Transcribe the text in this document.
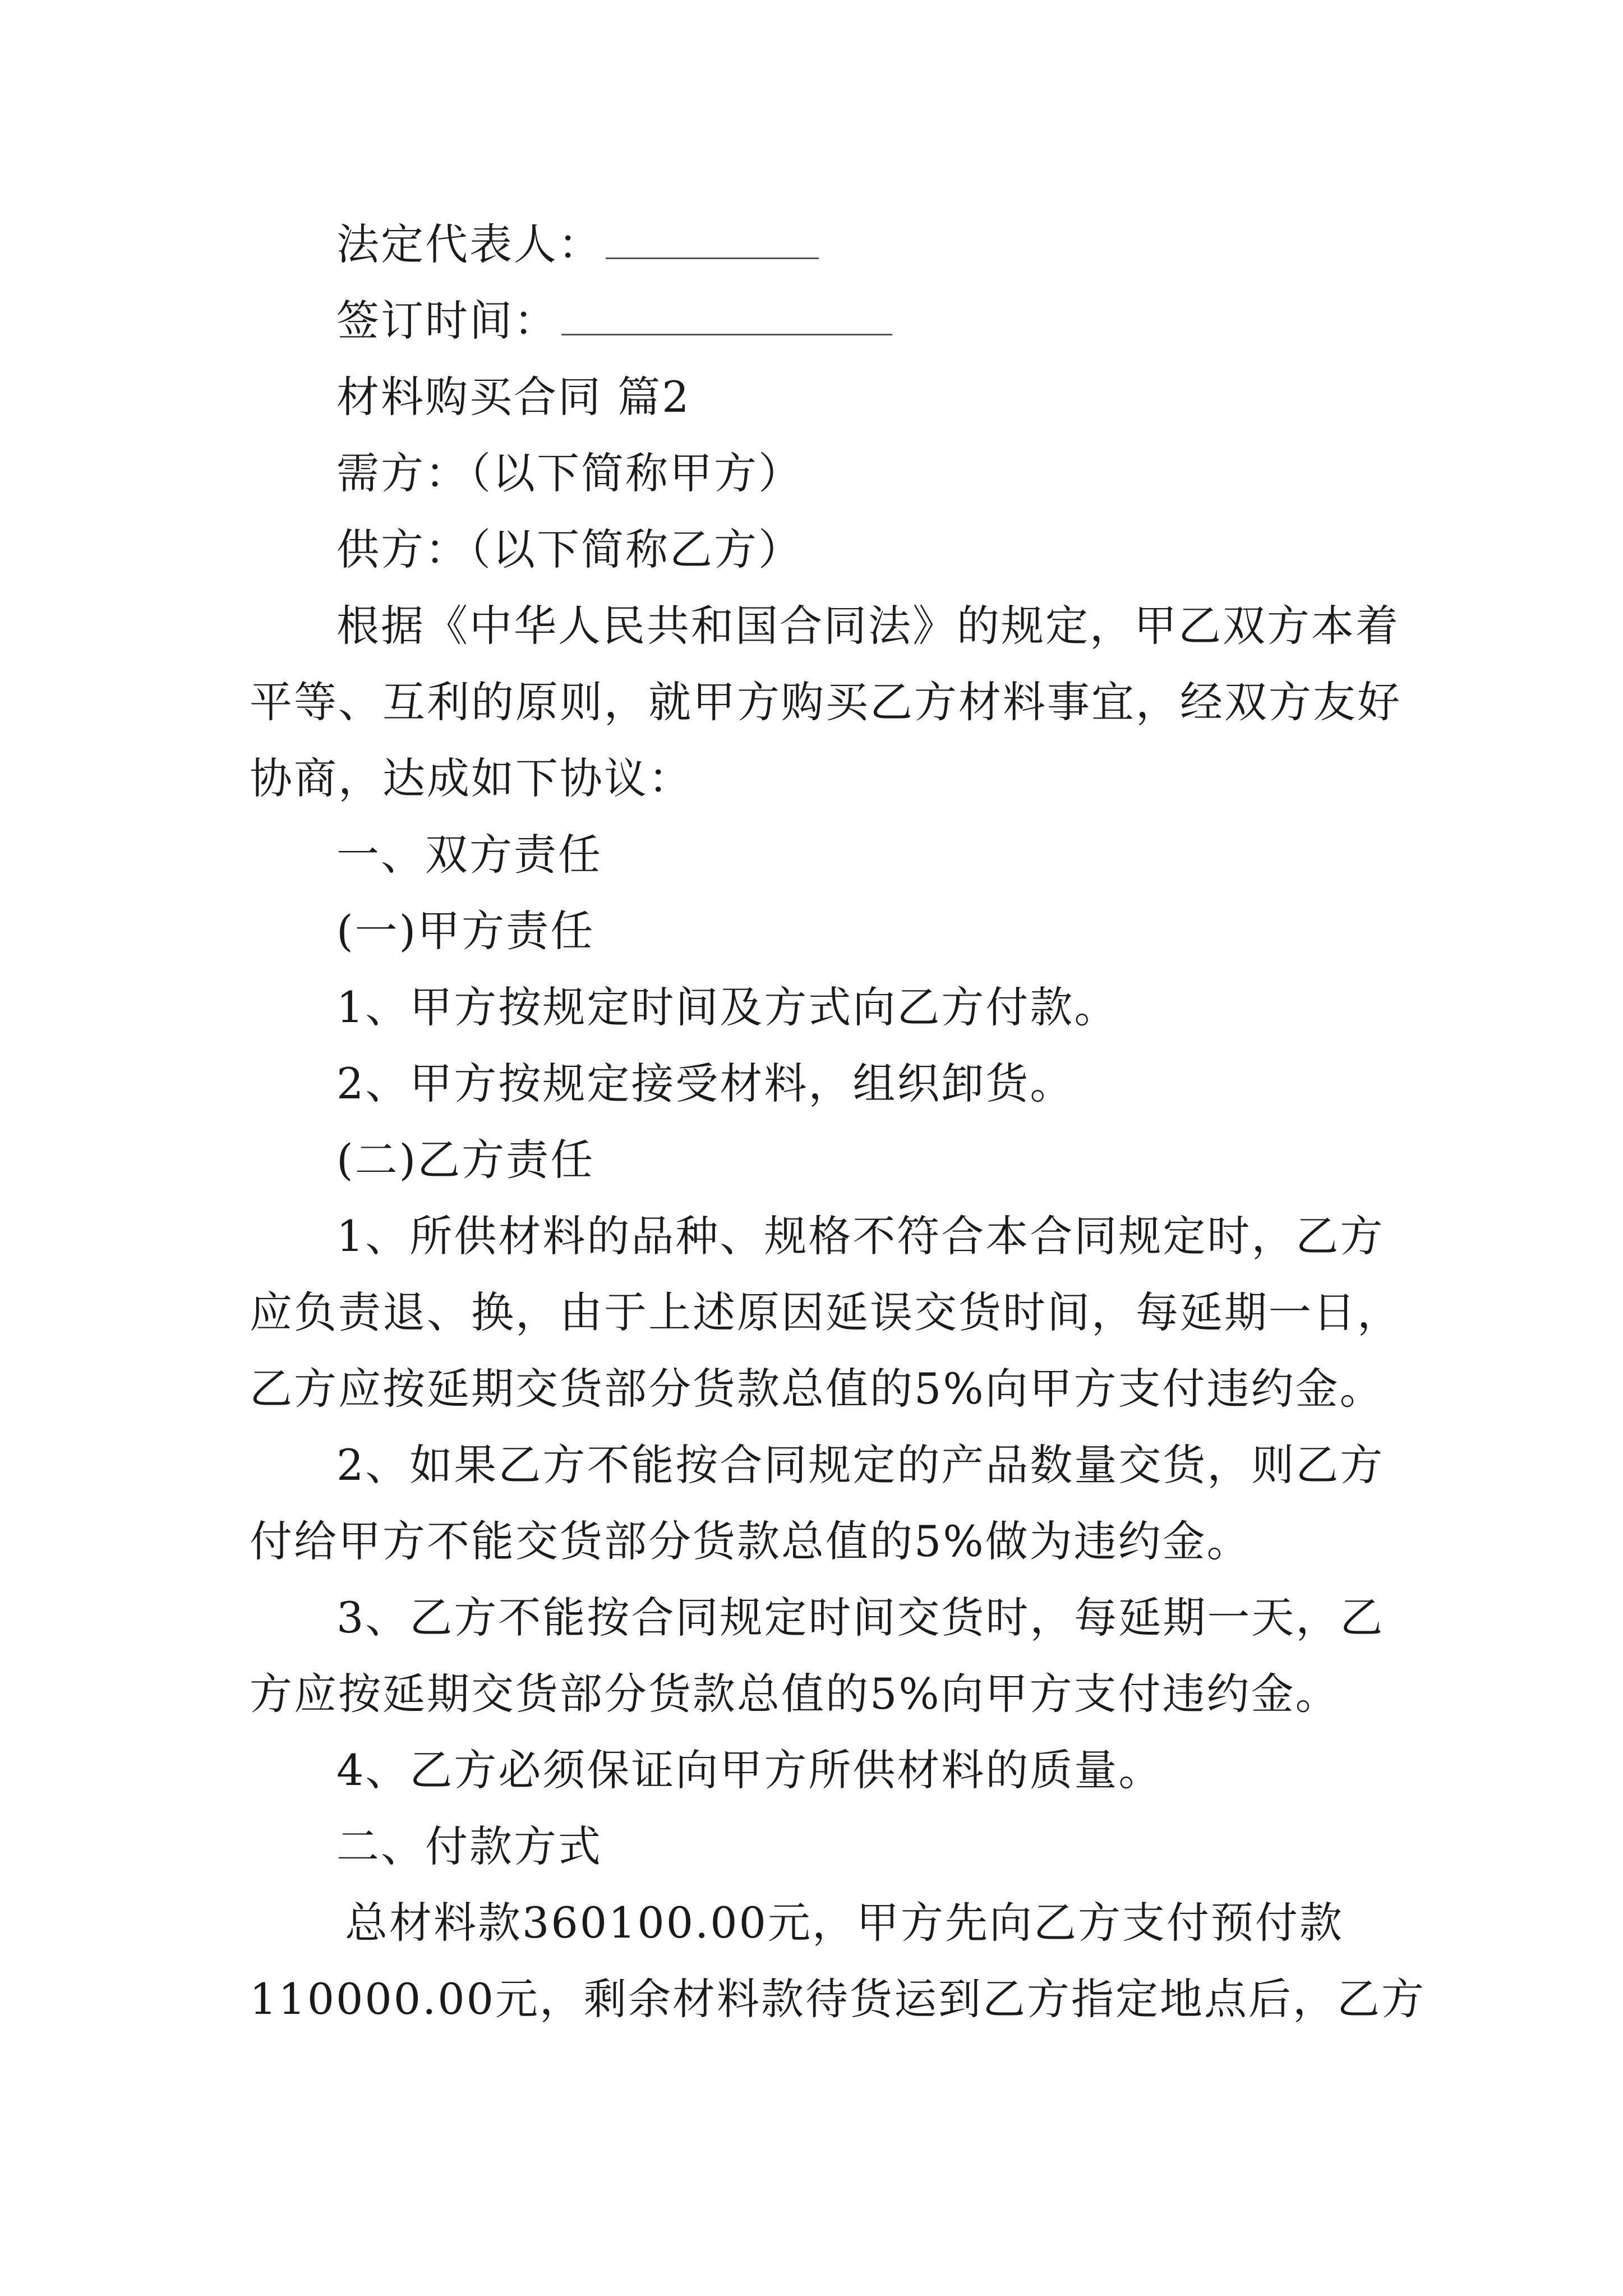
法定代表人：
签订时间：
材料购买合同 篇2
需方：（以下简称甲方）
供方：（以下简称乙方）
根据《中华人民共和国合同法》的规定，甲乙双方本着
平等、互利的原则，就甲方购买乙方材料事宜，经双方友好
协商，达成如下协议：
一、双方责任
(一)甲方责任
1、甲方按规定时间及方式向乙方付款。
2、甲方按规定接受材料，组织卸货。
(二)乙方责任
1、所供材料的品种、规格不符合本合同规定时，乙方
应负责退、换，由于上述原因延误交货时间，每延期一日，
乙方应按延期交货部分货款总值的5%向甲方支付违约金。
2、如果乙方不能按合同规定的产品数量交货，则乙方
付给甲方不能交货部分货款总值的5%做为违约金。
3、乙方不能按合同规定时间交货时，每延期一天，乙
方应按延期交货部分货款总值的5%向甲方支付违约金。
4、乙方必须保证向甲方所供材料的质量。
二、付款方式
总材料款360100.00元，甲方先向乙方支付预付款
110000.00元，剩余材料款待货运到乙方指定地点后，乙方
